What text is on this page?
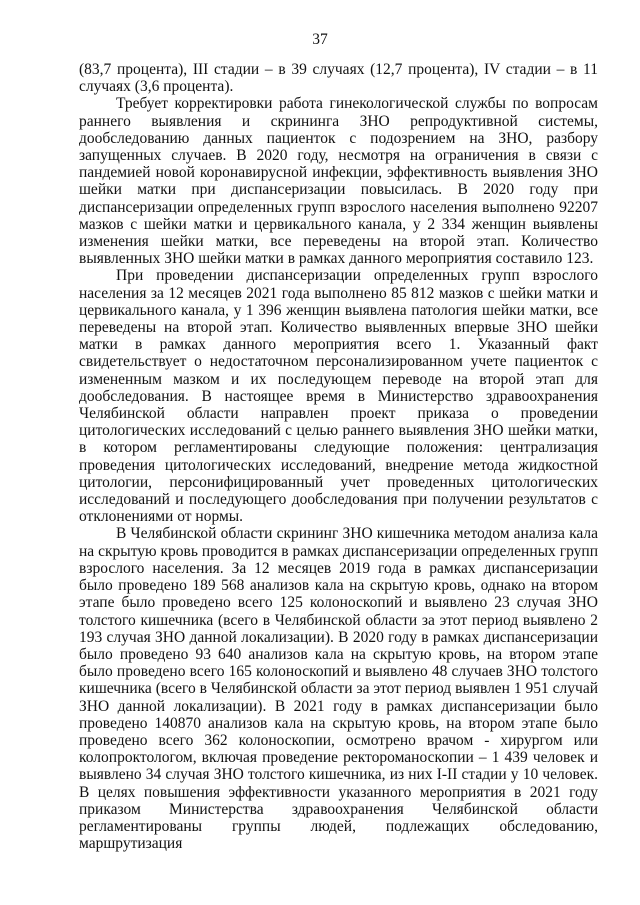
37

(83,7 процента), III стадии – в 39 случаях (12,7 процента), IV стадии – в 11 случаях (3,6 процента).

Требует корректировки работа гинекологической службы по вопросам раннего выявления и скрининга ЗНО репродуктивной системы, дообследованию данных пациенток с подозрением на ЗНО, разбору запущенных случаев. В 2020 году, несмотря на ограничения в связи с пандемией новой коронавирусной инфекции, эффективность выявления ЗНО шейки матки при диспансеризации повысилась. В 2020 году при диспансеризации определенных групп взрослого населения выполнено 92207 мазков с шейки матки и цервикального канала, у 2 334 женщин выявлены изменения шейки матки, все переведены на второй этап. Количество выявленных ЗНО шейки матки в рамках данного мероприятия составило 123.

При проведении диспансеризации определенных групп взрослого населения за 12 месяцев 2021 года выполнено 85 812 мазков с шейки матки и цервикального канала, у 1 396 женщин выявлена патология шейки матки, все переведены на второй этап. Количество выявленных впервые ЗНО шейки матки в рамках данного мероприятия всего 1. Указанный факт свидетельствует о недостаточном персонализированном учете пациенток с измененным мазком и их последующем переводе на второй этап для дообследования. В настоящее время в Министерство здравоохранения Челябинской области направлен проект приказа о проведении цитологических исследований с целью раннего выявления ЗНО шейки матки, в котором регламентированы следующие положения: централизация проведения цитологических исследований, внедрение метода жидкостной цитологии, персонифицированный учет проведенных цитологических исследований и последующего дообследования при получении результатов с отклонениями от нормы.

В Челябинской области скрининг ЗНО кишечника методом анализа кала на скрытую кровь проводится в рамках диспансеризации определенных групп взрослого населения. За 12 месяцев 2019 года в рамках диспансеризации было проведено 189 568 анализов кала на скрытую кровь, однако на втором этапе было проведено всего 125 колоноскопий и выявлено 23 случая ЗНО толстого кишечника (всего в Челябинской области за этот период выявлено 2 193 случая ЗНО данной локализации). В 2020 году в рамках диспансеризации было проведено 93 640 анализов кала на скрытую кровь, на втором этапе было проведено всего 165 колоноскопий и выявлено 48 случаев ЗНО толстого кишечника (всего в Челябинской области за этот период выявлен 1 951 случай ЗНО данной локализации). В 2021 году в рамках диспансеризации было проведено 140870 анализов кала на скрытую кровь, на втором этапе было проведено всего 362 колоноскопии, осмотрено врачом - хирургом или колопроктологом, включая проведение ректороманоскопии – 1 439 человек и выявлено 34 случая ЗНО толстого кишечника, из них I-II стадии у 10 человек. В целях повышения эффективности указанного мероприятия в 2021 году приказом Министерства здравоохранения Челябинской области регламентированы группы людей, подлежащих обследованию, маршрутизация
